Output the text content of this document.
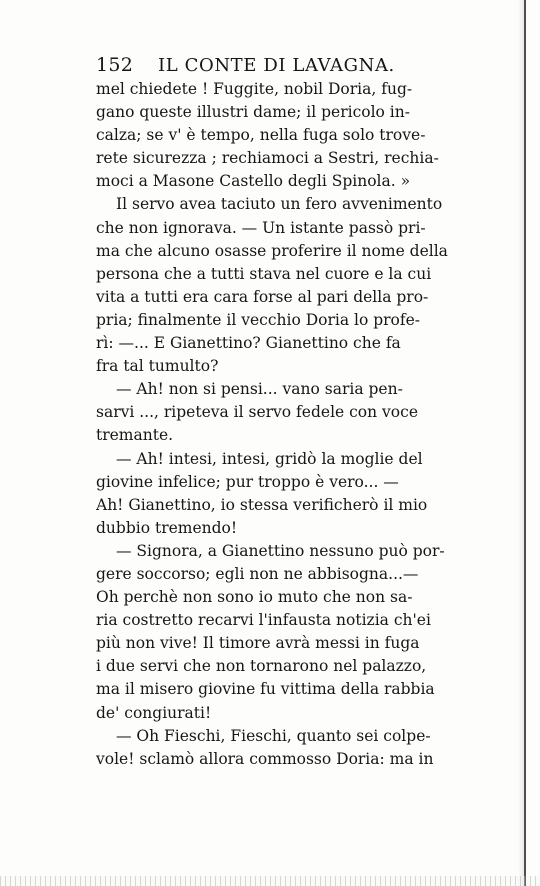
152	IL CONTE DI LAVAGNA.
mel chiedete ! Fuggite, nobil Doria, fug-
gano queste illustri dame; il pericolo in-
calza; se v' è tempo, nella fuga solo trove-
rete sicurezza ; rechiamoci a Sestri, rechia-
moci a Masone Castello degli Spinola. »
Il servo avea taciuto un fero avvenimento
che non ignorava. — Un istante passò pri-
ma che alcuno osasse proferire il nome della
persona che a tutti stava nel cuore e la cui
vita a tutti era cara forse al pari della pro-
pria; finalmente il vecchio Doria lo profe-
rì: —... E Gianettino? Gianettino che fa
fra tal tumulto?
— Ah! non si pensi... vano saria pen-
sarvi ..., ripeteva il servo fedele con voce
tremante.
— Ah! intesi, intesi, gridò la moglie del
giovine infelice; pur troppo è vero... —
Ah! Gianettino, io stessa verificherò il mio
dubbio tremendo!
— Signora, a Gianettino nessuno può por-
gere soccorso; egli non ne abbisogna...—
Oh perchè non sono io muto che non sa-
ria costretto recarvi l'infausta notizia ch'ei
più non vive! Il timore avrà messi in fuga
i due servi che non tornarono nel palazzo,
ma il misero giovine fu vittima della rabbia
de' congiurati!
— Oh Fieschi, Fieschi, quanto sei colpe-
vole! sclamò allora commosso Doria: ma in
